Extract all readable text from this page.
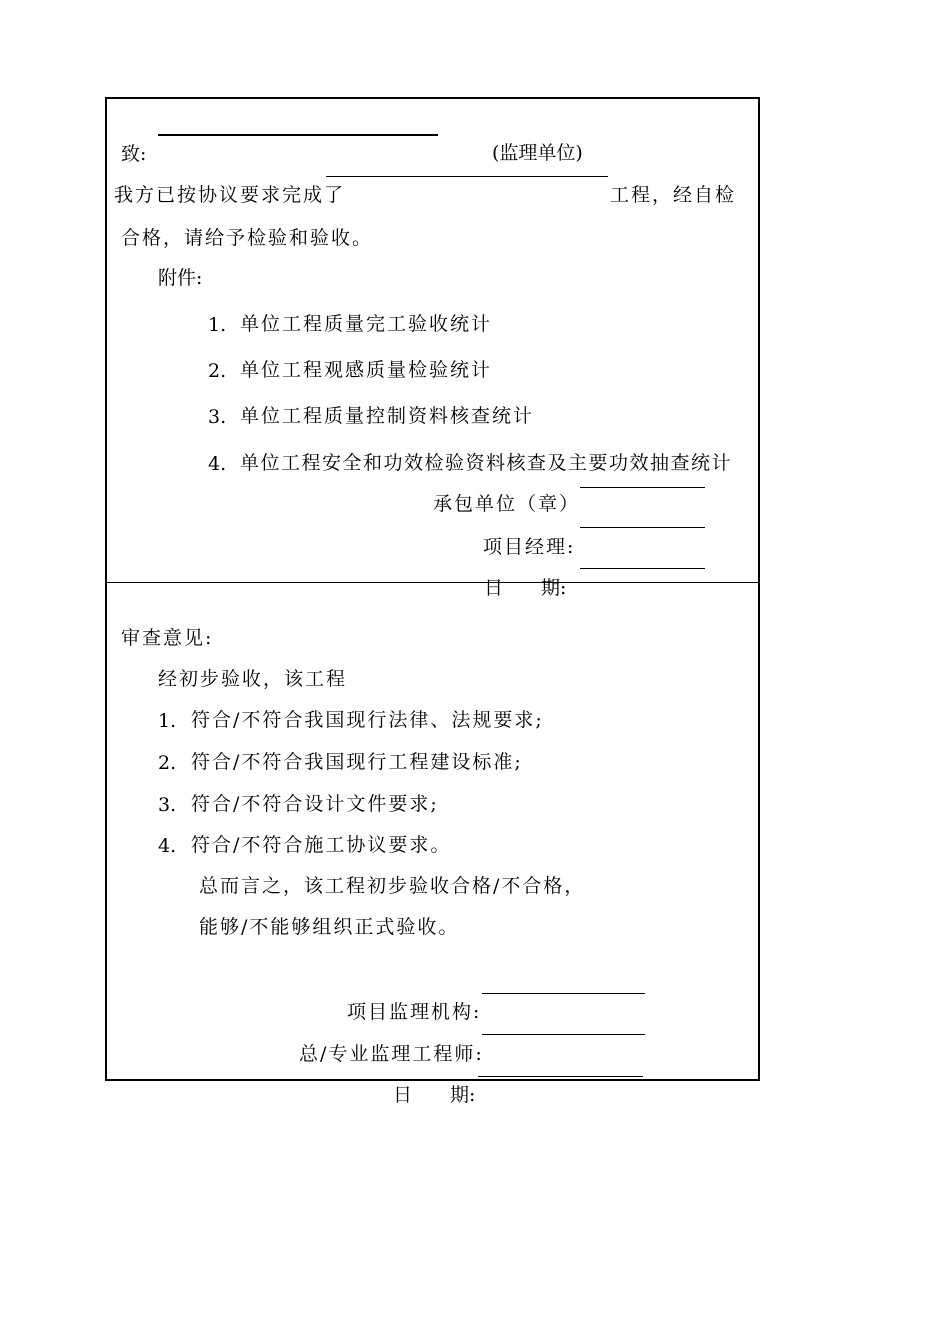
致:	(监理单位)
我方已按协议要求完成了	工程，经自检
合格，请给予检验和验收。
附件:
1. 单位工程质量完工验收统计
2. 单位工程观感质量检验统计
3. 单位工程质量控制资料核查统计
4. 单位工程安全和功效检验资料核查及主要功效抽查统计
承包单位（章）
项目经理:
日　　期:
审查意见:
经初步验收，该工程
1. 符合/不符合我国现行法律、法规要求;
2. 符合/不符合我国现行工程建设标准;
3. 符合/不符合设计文件要求;
4. 符合/不符合施工协议要求。
总而言之，该工程初步验收合格/不合格，
能够/不能够组织正式验收。
项目监理机构:
总/专业监理工程师:
日　　期:
